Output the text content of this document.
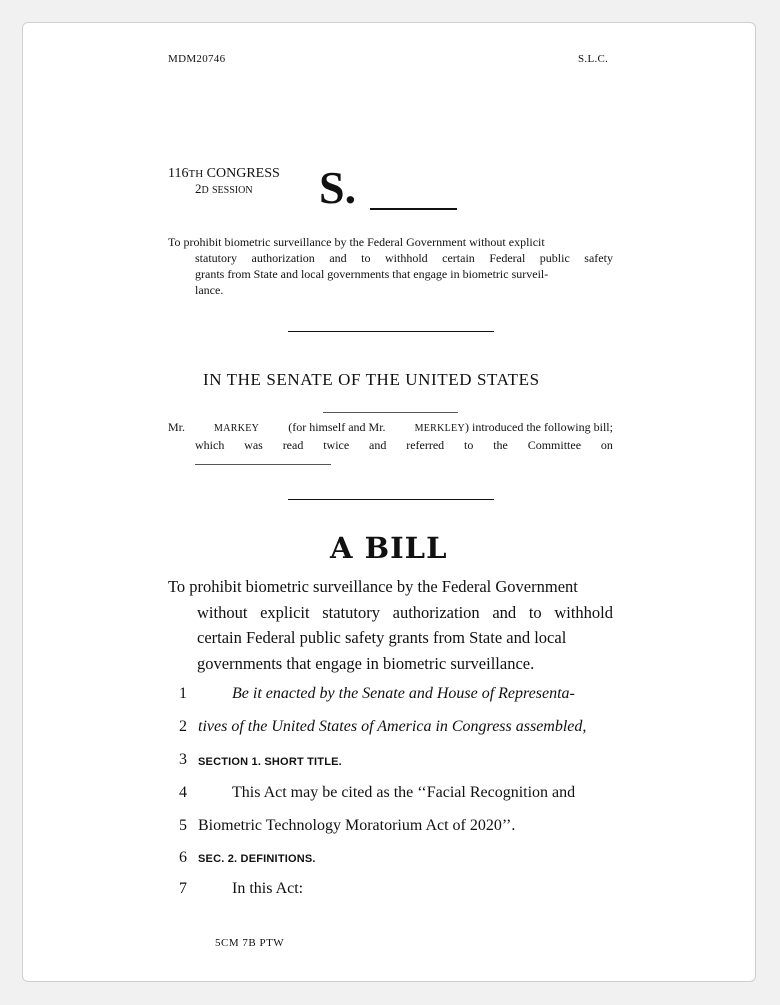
MDM20746	S.L.C.
116TH CONGRESS
2D SESSION S.
To prohibit biometric surveillance by the Federal Government without explicit
statutory authorization and to withhold certain Federal public safety
grants from State and local governments that engage in biometric surveil-
lance.
IN THE SENATE OF THE UNITED STATES
Mr.	MARKEY (for himself and Mr.	MERKLEY) introduced the following bill;
which was read twice and referred to the Committee on
A BILL
To prohibit biometric surveillance by the Federal Government
without explicit statutory authorization and to withhold
certain Federal public safety grants from State and local
governments that engage in biometric surveillance.
1	Be it enacted by the Senate and House of Representa-
2 tives of the United States of America in Congress assembled,
3 SECTION 1. SHORT TITLE.
4	This Act may be cited as the ‘‘Facial Recognition and
5 Biometric Technology Moratorium Act of 2020’’.
6 SEC. 2. DEFINITIONS.
7	In this Act:
5CM 7B PTW
